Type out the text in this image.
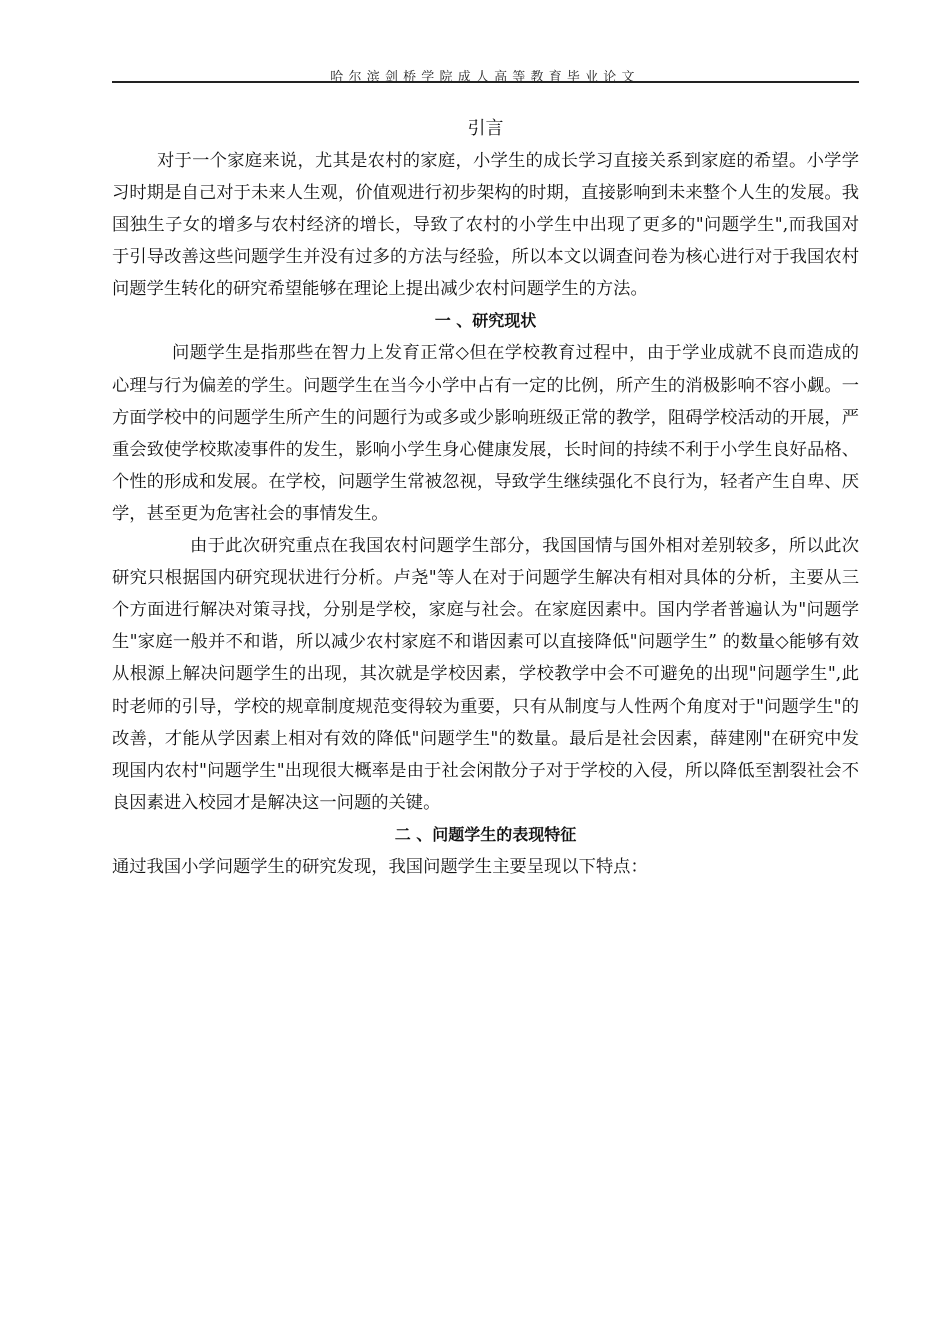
哈尔滨剑桥学院成人高等教育毕业论文
引言

对于一个家庭来说，尤其是农村的家庭，小学生的成长学习直接关系到家庭的希望。小学学习时期是自己对于未来人生观，价值观进行初步架构的时期，直接影响到未来整个人生的发展。我国独生子女的增多与农村经济的增长，导致了农村的小学生中出现了更多的"问题学生",而我国对于引导改善这些问题学生并没有过多的方法与经验，所以本文以调查问卷为核心进行对于我国农村问题学生转化的研究希望能够在理论上提出减少农村问题学生的方法。

一 、研究现状

问题学生是指那些在智力上发育正常◇但在学校教育过程中，由于学业成就不良而造成的心理与行为偏差的学生。问题学生在当今小学中占有一定的比例，所产生的消极影响不容小觑。一方面学校中的问题学生所产生的问题行为或多或少影响班级正常的教学，阻碍学校活动的开展，严重会致使学校欺凌事件的发生，影响小学生身心健康发展，长时间的持续不利于小学生良好品格、个性的形成和发展。在学校，问题学生常被忽视，导致学生继续强化不良行为，轻者产生自卑、厌学，甚至更为危害社会的事情发生。

由于此次研究重点在我国农村问题学生部分，我国国情与国外相对差别较多，所以此次研究只根据国内研究现状进行分析。卢尧"等人在对于问题学生解决有相对具体的分析，主要从三个方面进行解决对策寻找，分别是学校，家庭与社会。在家庭因素中。国内学者普遍认为"问题学生"家庭一般并不和谐，所以减少农村家庭不和谐因素可以直接降低"问题学生” 的数量◇能够有效从根源上解决问题学生的出现，其次就是学校因素，学校教学中会不可避免的出现"问题学生",此时老师的引导，学校的规章制度规范变得较为重要，只有从制度与人性两个角度对于"问题学生"的改善，才能从学因素上相对有效的降低"问题学生"的数量。最后是社会因素，薛建刚"在研究中发现国内农村"问题学生"出现很大概率是由于社会闲散分子对于学校的入侵，所以降低至割裂社会不良因素进入校园才是解决这一问题的关键。

二 、问题学生的表现特征

通过我国小学问题学生的研究发现，我国问题学生主要呈现以下特点：
